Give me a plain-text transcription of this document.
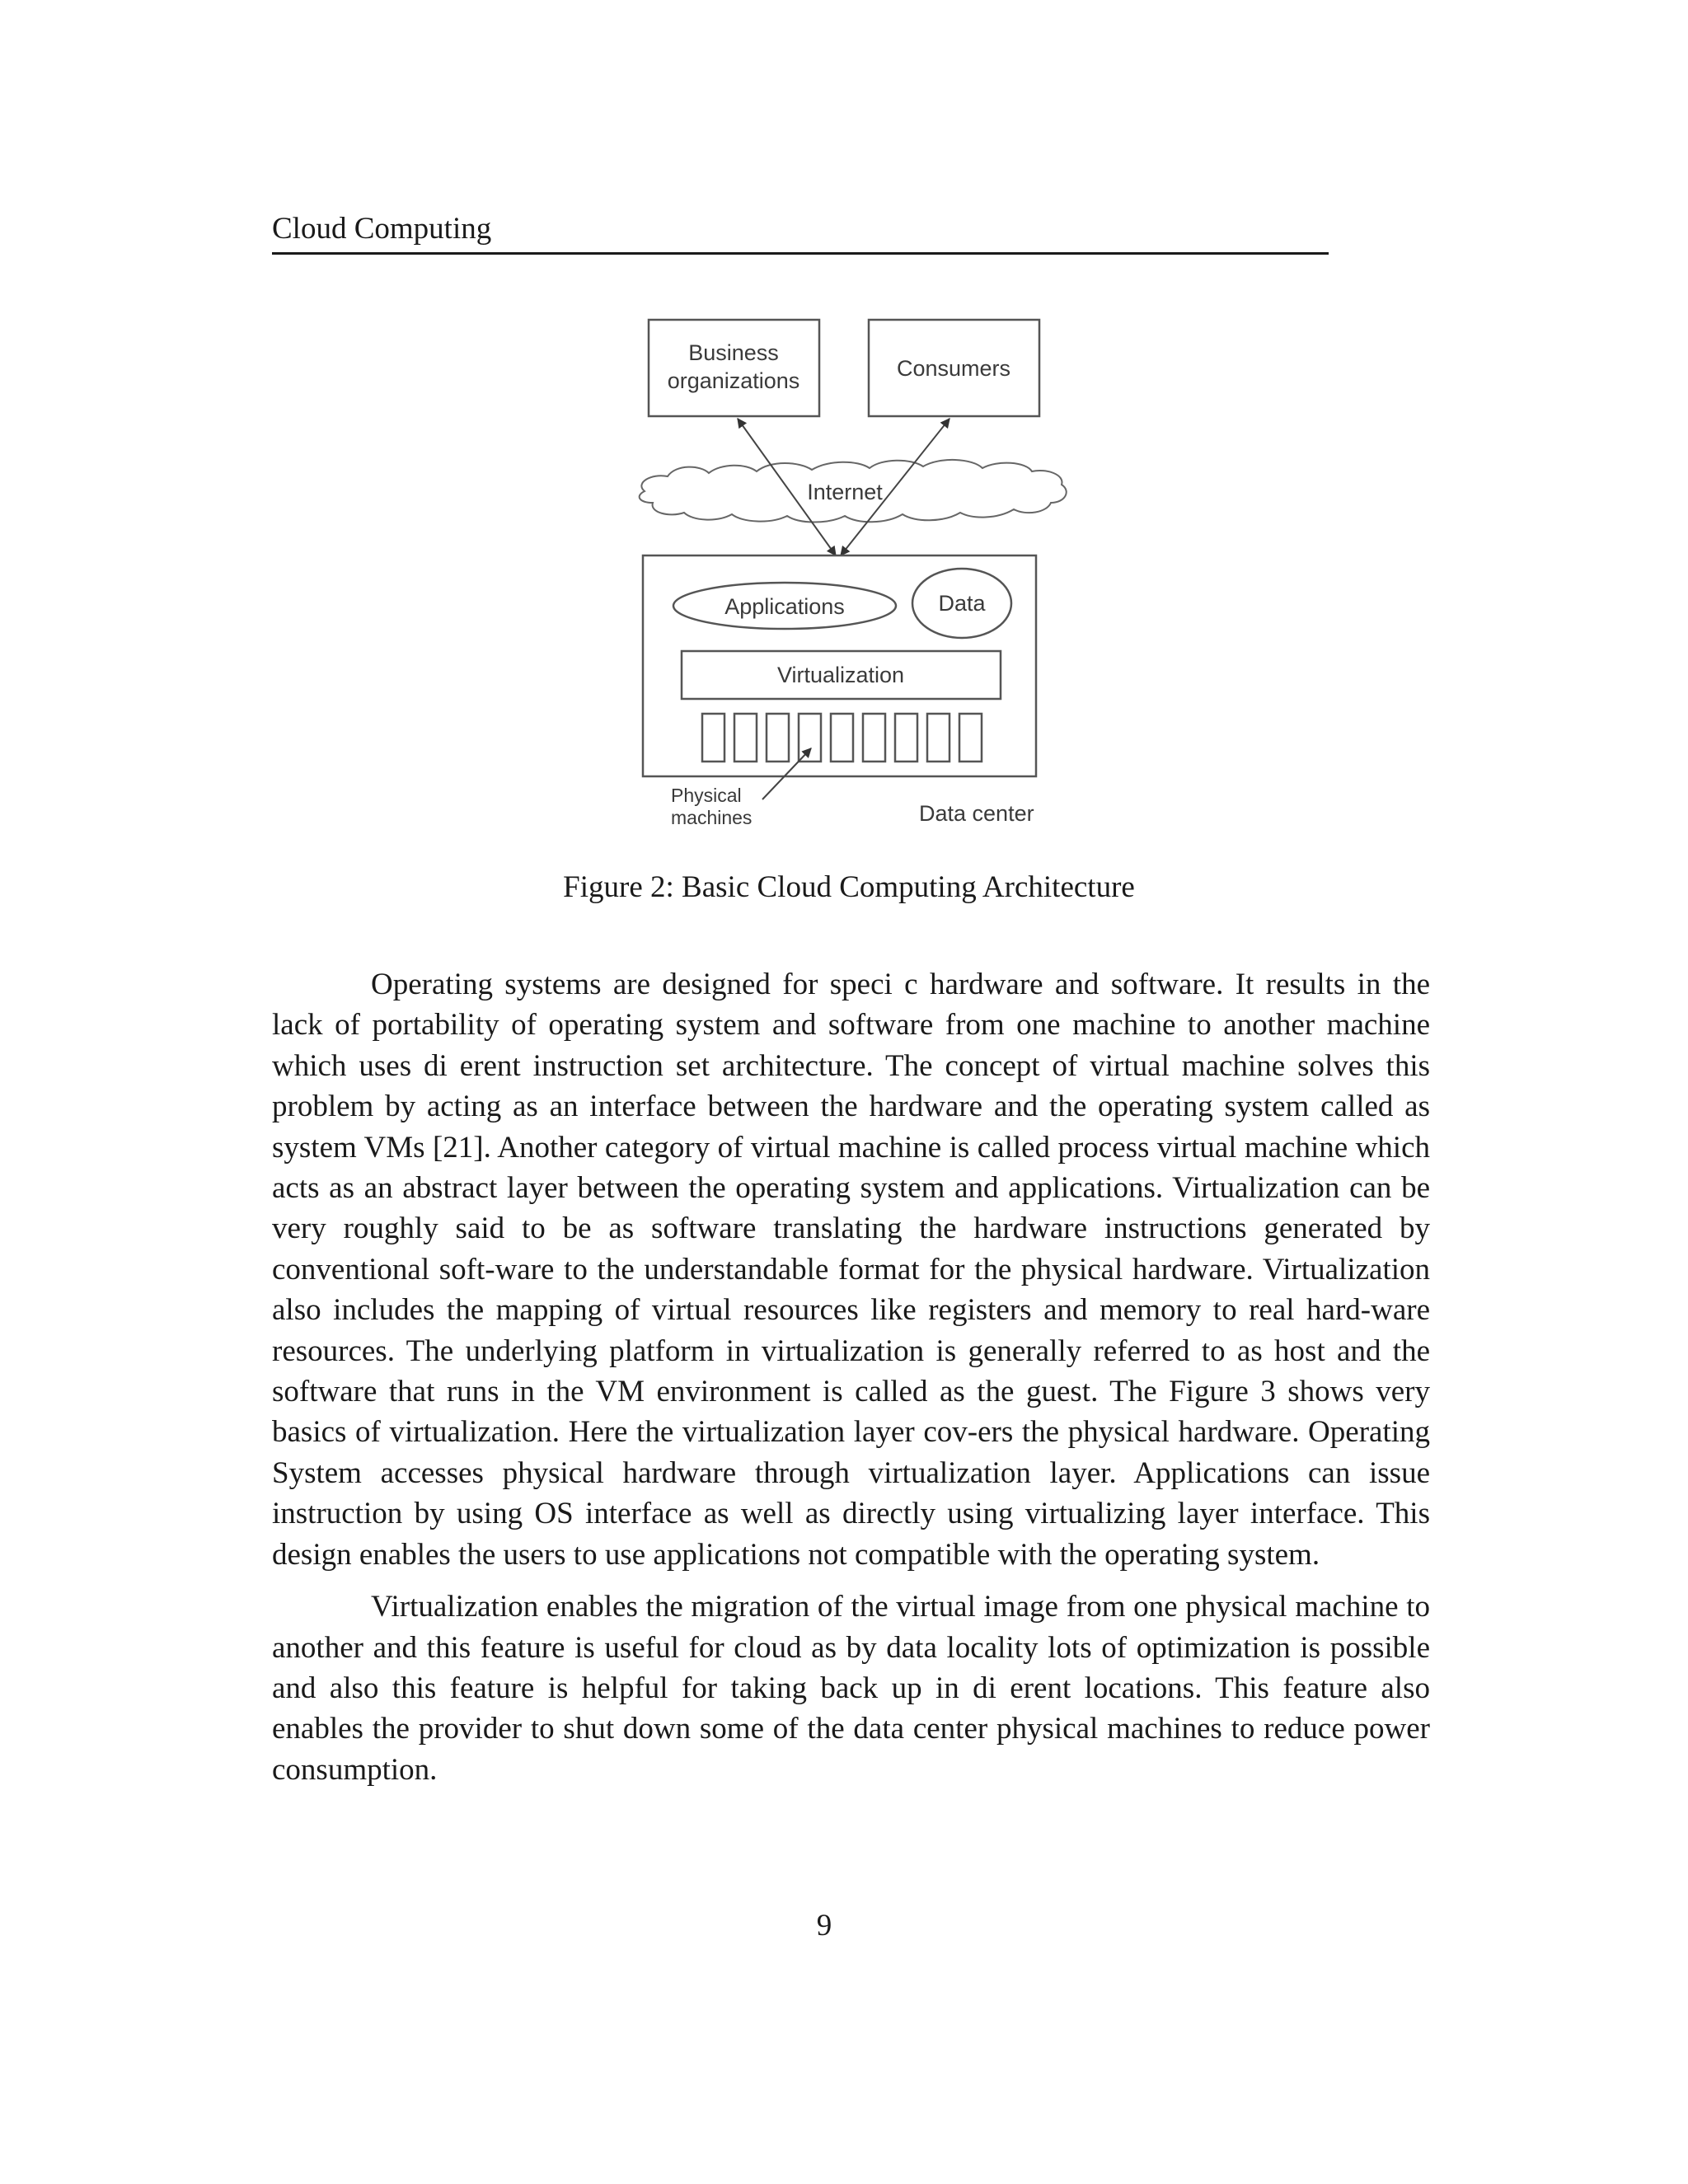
Cloud Computing
Business
organizations	Consumers
Internet
Applications	Data
Virtualization
Physical
machines	Data center
Figure 2: Basic Cloud Computing Architecture

Operating systems are designed for speci c hardware and software. It results in the lack of portability of operating system and software from one machine to another machine which uses di erent instruction set architecture. The concept of virtual machine solves this problem by acting as an interface between the hardware and the operating system called as system VMs [21]. Another category of virtual machine is called process virtual machine which acts as an abstract layer between the operating system and applications. Virtualization can be very roughly said to be as software translating the hardware instructions generated by conventional soft-ware to the understandable format for the physical hardware. Virtualization also includes the mapping of virtual resources like registers and memory to real hard-ware resources. The underlying platform in virtualization is generally referred to as host and the software that runs in the VM environment is called as the guest. The Figure 3 shows very basics of virtualization. Here the virtualization layer cov-ers the physical hardware. Operating System accesses physical hardware through virtualization layer. Applications can issue instruction by using OS interface as well as directly using virtualizing layer interface. This design enables the users to use applications not compatible with the operating system.

Virtualization enables the migration of the virtual image from one physical machine to another and this feature is useful for cloud as by data locality lots of optimization is possible and also this feature is helpful for taking back up in di erent locations. This feature also enables the provider to shut down some of the data center physical machines to reduce power consumption.

9
